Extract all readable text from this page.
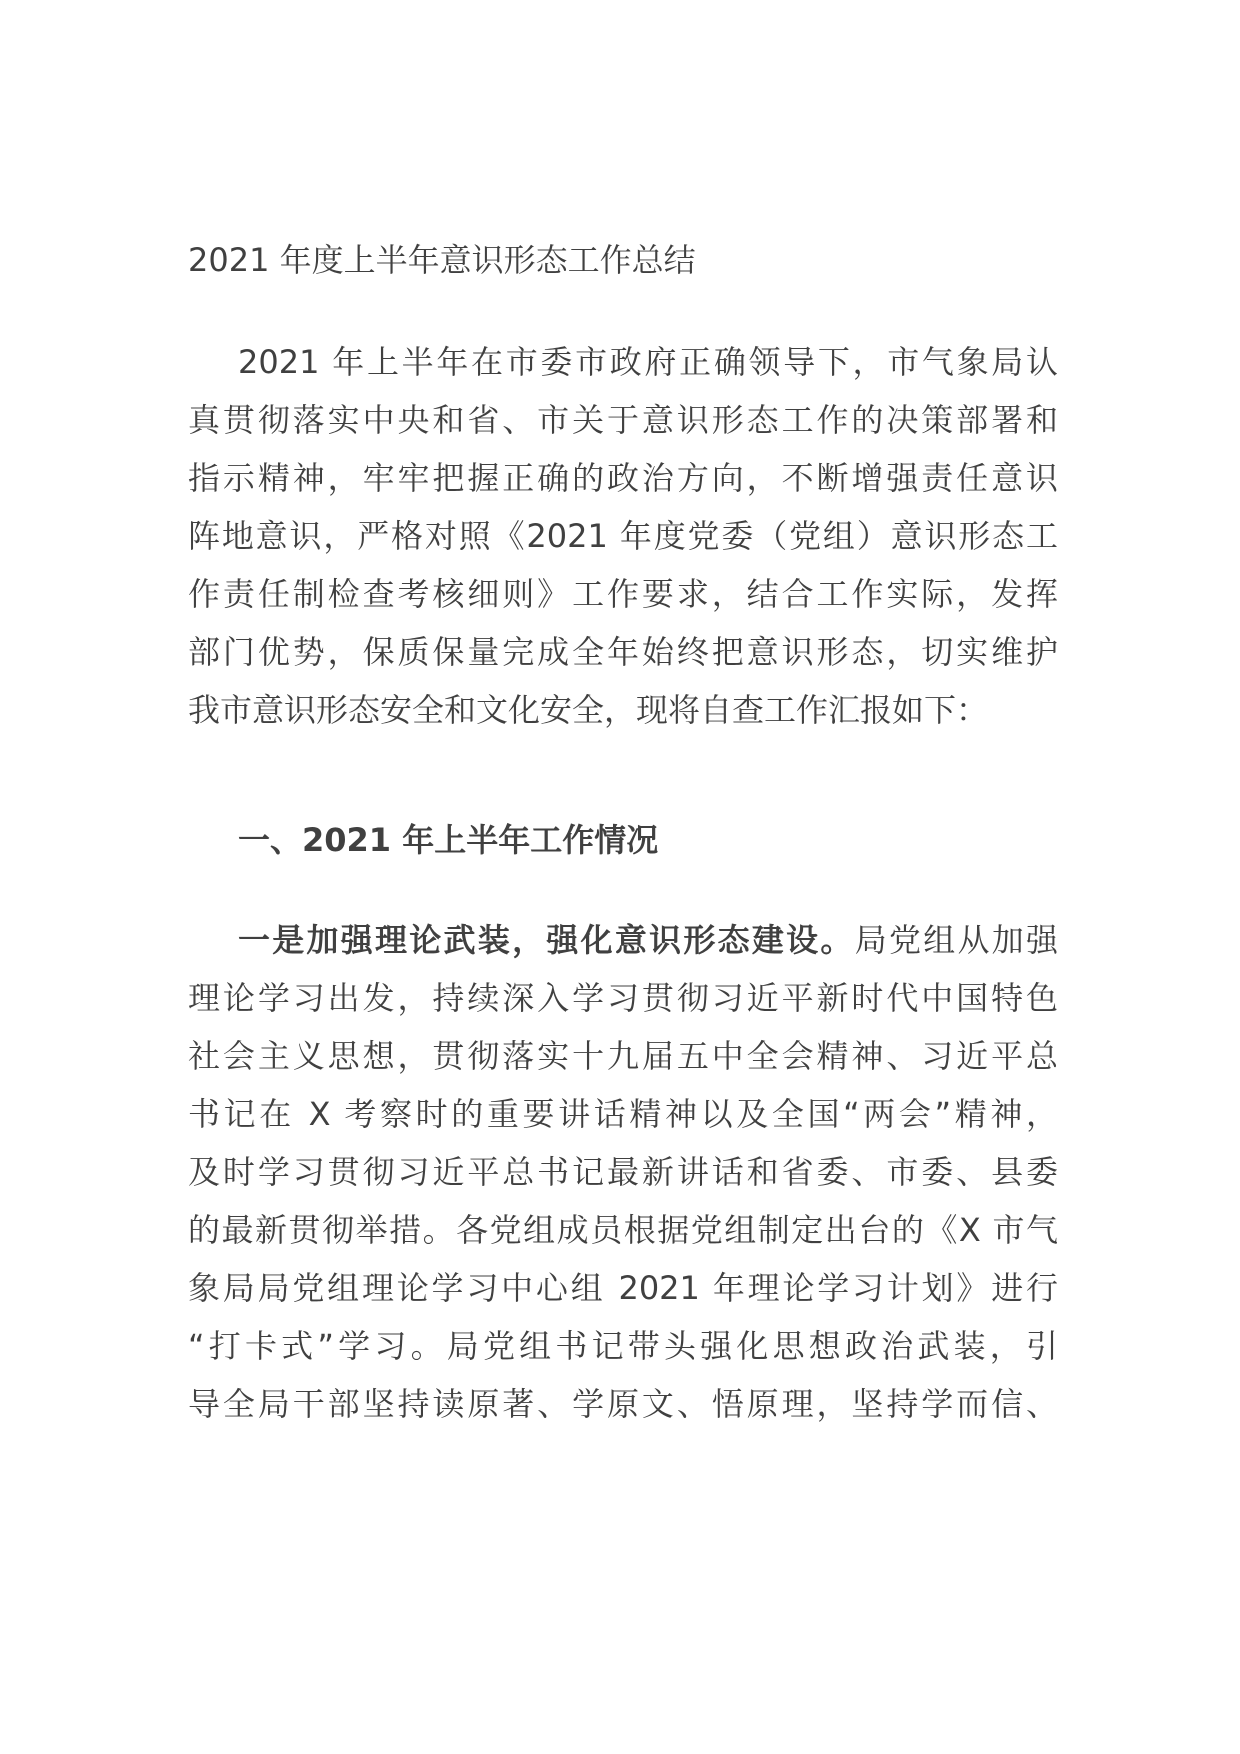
2021 年度上半年意识形态工作总结
2021 年上半年在市委市政府正确领导下，市气象局认
真贯彻落实中央和省、市关于意识形态工作的决策部署和
指示精神，牢牢把握正确的政治方向，不断增强责任意识
阵地意识，严格对照《2021 年度党委（党组）意识形态工
作责任制检查考核细则》工作要求，结合工作实际，发挥
部门优势，保质保量完成全年始终把意识形态，切实维护
我市意识形态安全和文化安全，现将自查工作汇报如下：
一、2021 年上半年工作情况
一是加强理论武装，强化意识形态建设。局党组从加强
理论学习出发，持续深入学习贯彻习近平新时代中国特色
社会主义思想，贯彻落实十九届五中全会精神、习近平总
书记在 X 考察时的重要讲话精神以及全国“两会”精神，
及时学习贯彻习近平总书记最新讲话和省委、市委、县委
的最新贯彻举措。各党组成员根据党组制定出台的《X 市气
象局局党组理论学习中心组 2021 年理论学习计划》进行
“打卡式”学习。局党组书记带头强化思想政治武装，引
导全局干部坚持读原著、学原文、悟原理，坚持学而信、
